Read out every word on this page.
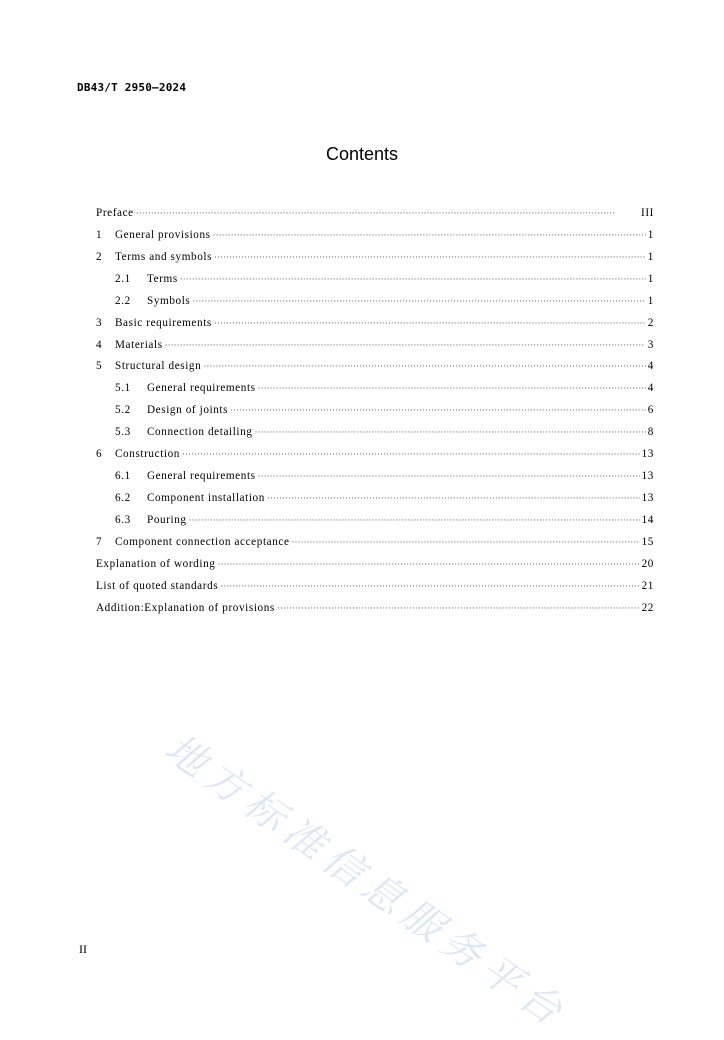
DB43/T 2950—2024
Contents
Preface ·····	III
1	General provisions ·····	1
2	Terms and symbols ·····	1
2.1	Terms ·····	1
2.2	Symbols ·····	1
3	Basic requirements ·····	2
4	Materials ·····	3
5	Structural design ·····	4
5.1	General requirements ·····	4
5.2	Design of joints ·····	6
5.3	Connection detailing ·····	8
6	Construction ·····	13
6.1	General requirements ·····	13
6.2	Component installation ·····	13
6.3	Pouring ·····	14
7	Component connection acceptance ·····	15
Explanation of wording ·····	20
List of quoted standards ·····	21
Addition:Explanation of provisions ·····	22
地方标准信息服务平台
II
